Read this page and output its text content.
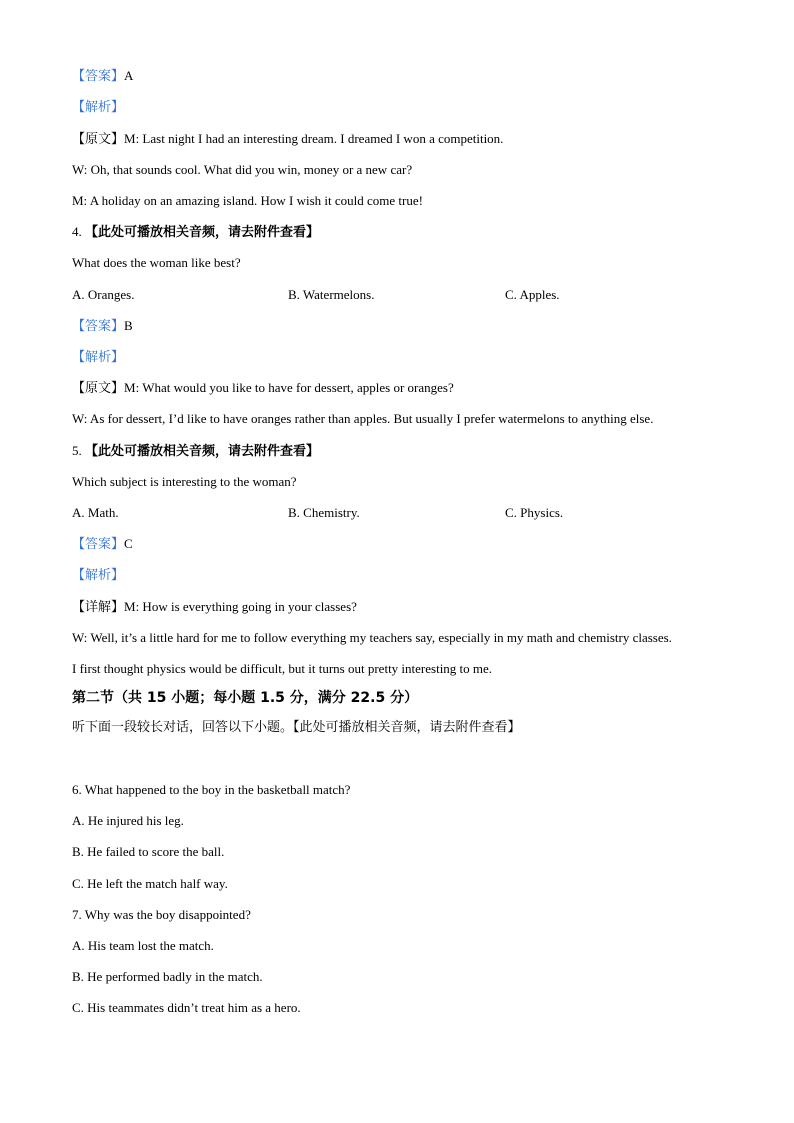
【答案】A
【解析】
【原文】M: Last night I had an interesting dream. I dreamed I won a competition.
W: Oh, that sounds cool. What did you win, money or a new car?
M: A holiday on an amazing island. How I wish it could come true!
4. 【此处可播放相关音频，请去附件查看】
What does the woman like best?
A. Oranges.	B. Watermelons.	C. Apples.
【答案】B
【解析】
【原文】M: What would you like to have for dessert, apples or oranges?
W: As for dessert, I’d like to have oranges rather than apples. But usually I prefer watermelons to anything else.
5. 【此处可播放相关音频，请去附件查看】
Which subject is interesting to the woman?
A. Math.	B. Chemistry.	C. Physics.
【答案】C
【解析】
【详解】M: How is everything going in your classes?
W: Well, it’s a little hard for me to follow everything my teachers say, especially in my math and chemistry classes.
I first thought physics would be difficult, but it turns out pretty interesting to me.
第二节（共 15 小题；每小题 1.5 分，满分 22.5 分）
听下面一段较长对话，回答以下小题。【此处可播放相关音频，请去附件查看】
6. What happened to the boy in the basketball match?
A. He injured his leg.
B. He failed to score the ball.
C. He left the match half way.
7. Why was the boy disappointed?
A. His team lost the match.
B. He performed badly in the match.
C. His teammates didn’t treat him as a hero.
